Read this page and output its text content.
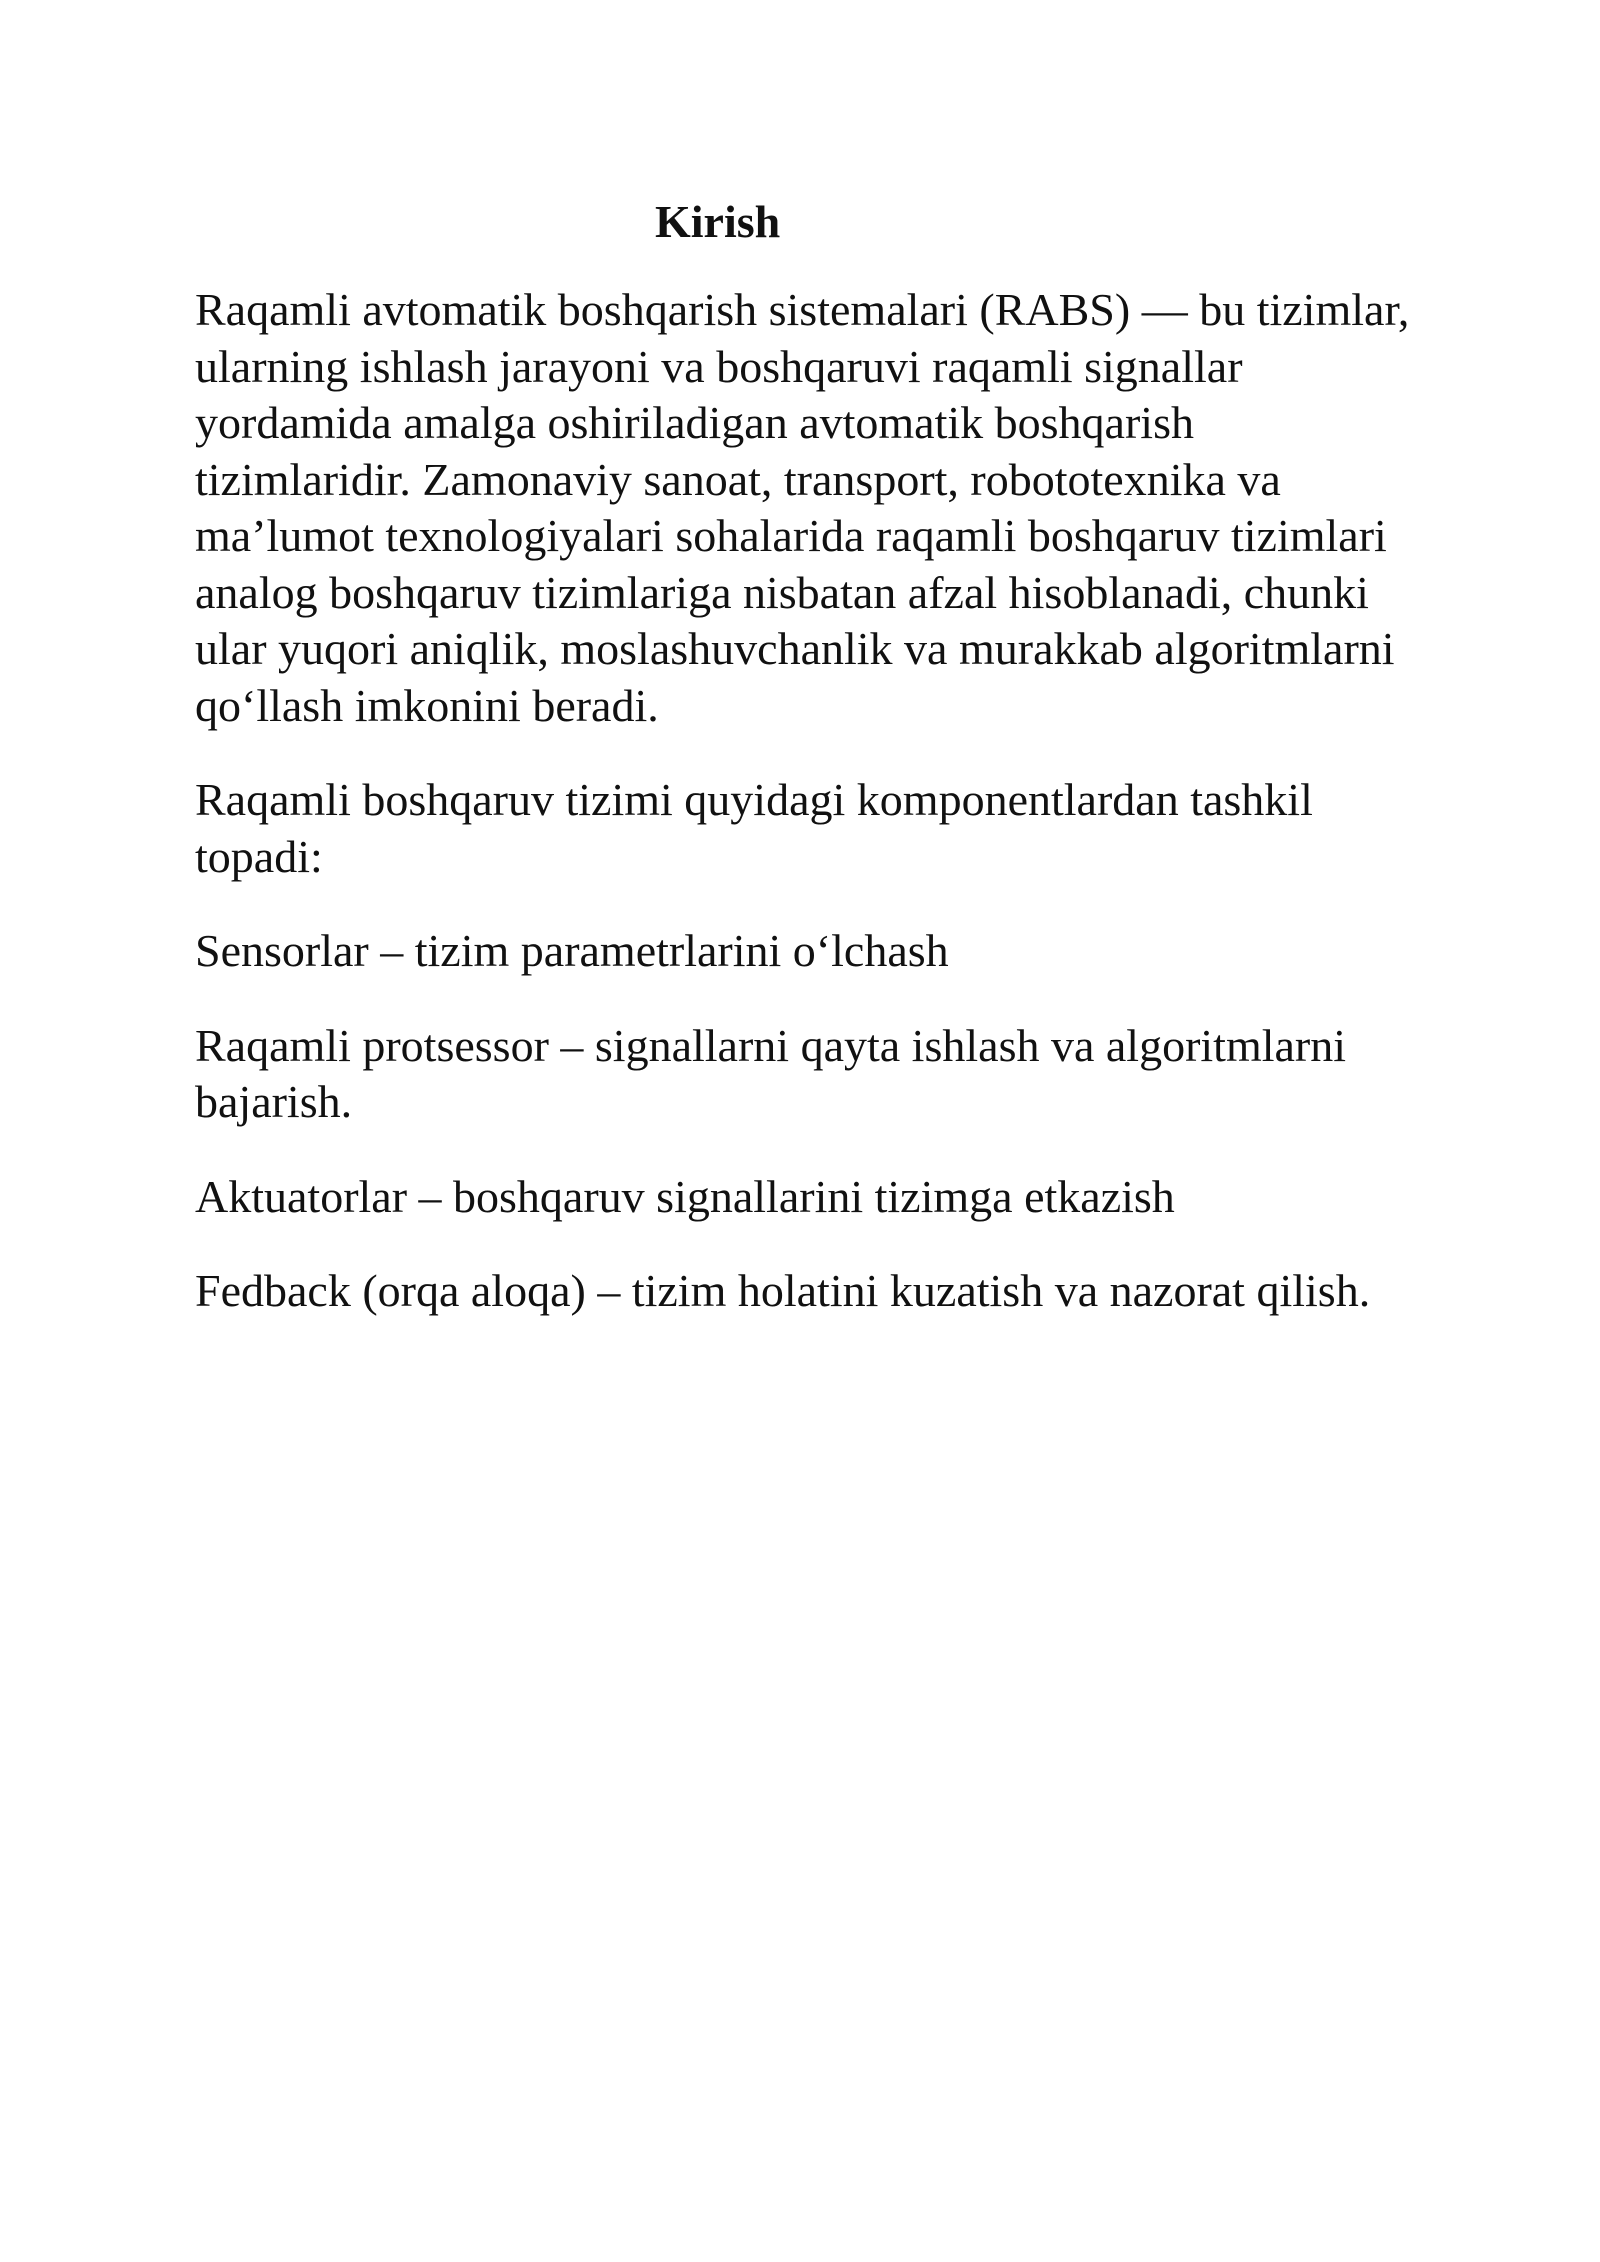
Kirish

Raqamli avtomatik boshqarish sistemalari (RABS) — bu tizimlar, ularning ishlash jarayoni va boshqaruvi raqamli signallar yordamida amalga oshiriladigan avtomatik boshqarish tizimlaridir. Zamonaviy sanoat, transport, robototexnika va ma’lumot texnologiyalari sohalarida raqamli boshqaruv tizimlari analog boshqaruv tizimlariga nisbatan afzal hisoblanadi, chunki ular yuqori aniqlik, moslashuvchanlik va murakkab algoritmlarni qo‘llash imkonini beradi.

Raqamli boshqaruv tizimi quyidagi komponentlardan tashkil topadi:

Sensorlar – tizim parametrlarini o‘lchash

Raqamli protsessor – signallarni qayta ishlash va algoritmlarni bajarish.

Aktuatorlar – boshqaruv signallarini tizimga etkazish

Fedback (orqa aloqa) – tizim holatini kuzatish va nazorat qilish.
